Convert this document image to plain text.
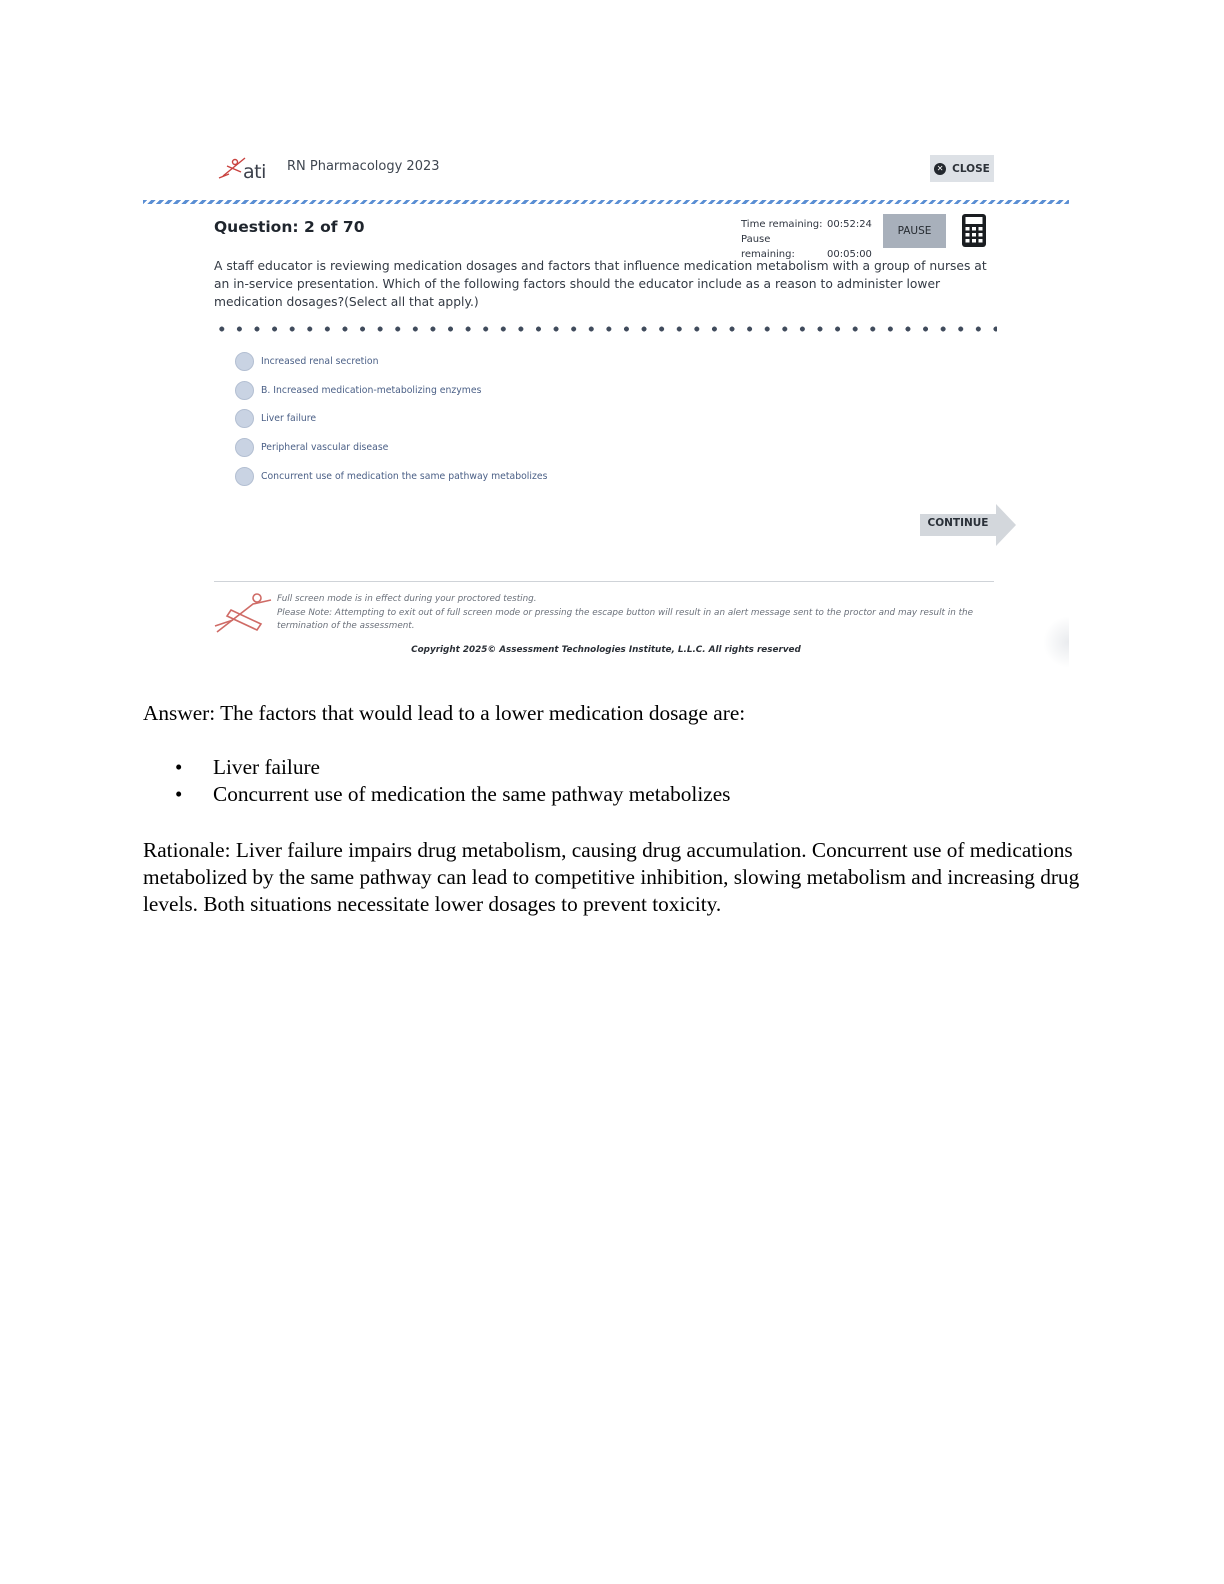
ati RN Pharmacology 2023	✕ CLOSE
Question: 2 of 70	Time remaining: 00:52:24
Pause remaining:	00:05:00
PAUSE
A staff educator is reviewing medication dosages and factors that influence medication metabolism with a group of nurses at an in-service presentation. Which of the following factors should the educator include as a reason to administer lower medication dosages?(Select all that apply.)
Increased renal secretion
B. Increased medication-metabolizing enzymes
Liver failure
Peripheral vascular disease
Concurrent use of medication the same pathway metabolizes
CONTINUE

Full screen mode is in effect during your proctored testing.

Please Note: Attempting to exit out of full screen mode or pressing the escape button will result in an alert message sent to the proctor and may result in the termination of the assessment.

Copyright 2025© Assessment Technologies Institute, L.L.C. All rights reserved
Answer: The factors that would lead to a lower medication dosage are:
• Liver failure
• Concurrent use of medication the same pathway metabolizes
Rationale: Liver failure impairs drug metabolism, causing drug accumulation. Concurrent use of medications metabolized by the same pathway can lead to competitive inhibition, slowing metabolism and increasing drug levels. Both situations necessitate lower dosages to prevent toxicity.
